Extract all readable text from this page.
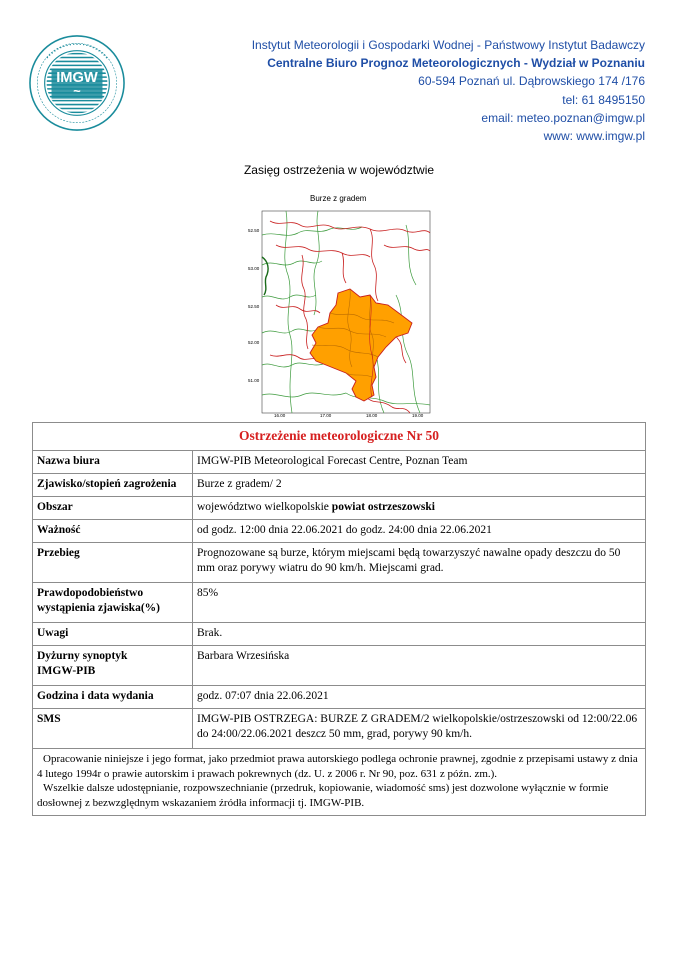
IMGW
~
• • • • • • • • • • • • • • • • • • • • •
Instytut Meteorologii i Gospodarki Wodnej - Państwowy Instytut Badawczy
Centralne Biuro Prognoz Meteorologicznych - Wydział w Poznaniu
60-594 Poznań ul. Dąbrowskiego 174 /176
tel: 61 8495150
email: meteo.poznan@imgw.pl
www: www.imgw.pl
Zasięg ostrzeżenia w województwie
Burze z gradem
52.50
53.00
52.50
52.00
51.00
16.00	17.00	18.00	19.00
Ostrzeżenie meteorologiczne Nr 50	
Nazwa biura	IMGW-PIB Meteorological Forecast Centre, Poznan Team
Zjawisko/stopień zagrożenia	Burze z gradem/ 2
Obszar	województwo wielkopolskie powiat ostrzeszowski
Ważność	od godz. 12:00 dnia 22.06.2021 do godz. 24:00 dnia 22.06.2021
Przebieg	Prognozowane są burze, którym miejscami będą towarzyszyć nawalne opady deszczu do 50 mm oraz porywy wiatru do 90 km/h. Miejscami grad.

Prawdopodobieństwo
wystąpienia zjawiska(%)	85%
Uwagi	Brak.

Dyżurny synoptyk
IMGW-PIB	Barbara Wrzesińska
Godzina i data wydania	godz. 07:07 dnia 22.06.2021
SMS	IMGW-PIB OSTRZEGA: BURZE Z GRADEM/2 wielkopolskie/ostrzeszowski od 12:00/22.06 do 24:00/22.06.2021 deszcz 50 mm, grad, porywy 90 km/h.

Opracowanie niniejsze i jego format, jako przedmiot prawa autorskiego podlega ochronie prawnej, zgodnie z przepisami ustawy z dnia 4 lutego 1994r o prawie autorskim i prawach pokrewnych (dz. U. z 2006 r. Nr 90, poz. 631 z późn. zm.).
Wszelkie dalsze udostępnianie, rozpowszechnianie (przedruk, kopiowanie, wiadomość sms) jest dozwolone wyłącznie w formie dosłownej z bezwzględnym wskazaniem źródła informacji tj. IMGW-PIB.	
